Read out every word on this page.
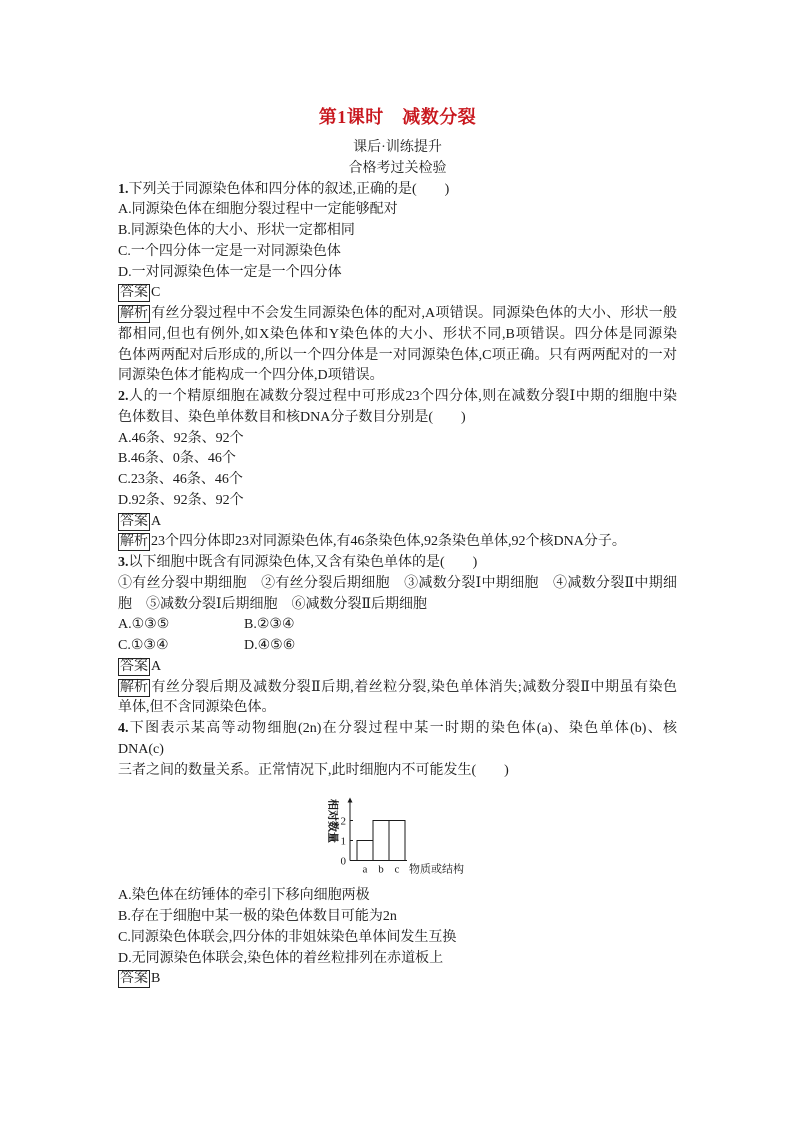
第1课时　减数分裂
课后·训练提升
合格考过关检验
1.下列关于同源染色体和四分体的叙述,正确的是(　　)
A.同源染色体在细胞分裂过程中一定能够配对
B.同源染色体的大小、形状一定都相同
C.一个四分体一定是一对同源染色体
D.一对同源染色体一定是一个四分体
答案 C
解析 有丝分裂过程中不会发生同源染色体的配对,A项错误。同源染色体的大小、形状一般
都相同,但也有例外,如X染色体和Y染色体的大小、形状不同,B项错误。四分体是同源染
色体两两配对后形成的,所以一个四分体是一对同源染色体,C项正确。只有两两配对的一对
同源染色体才能构成一个四分体,D项错误。
2.人的一个精原细胞在减数分裂过程中可形成23个四分体,则在减数分裂Ⅰ中期的细胞中染
色体数目、染色单体数目和核DNA分子数目分别是(　　)
A.46条、92条、92个
B.46条、0条、46个
C.23条、46条、46个
D.92条、92条、92个
答案 A
解析 23个四分体即23对同源染色体,有46条染色体,92条染色单体,92个核DNA分子。
3.以下细胞中既含有同源染色体,又含有染色单体的是(　　)
①有丝分裂中期细胞　②有丝分裂后期细胞　③减数分裂Ⅰ中期细胞　④减数分裂Ⅱ中期细
胞　⑤减数分裂Ⅰ后期细胞　⑥减数分裂Ⅱ后期细胞
A.①③⑤	B.②③④
C.①③④	D.④⑤⑥
答案 A
解析 有丝分裂后期及减数分裂Ⅱ后期,着丝粒分裂,染色单体消失;减数分裂Ⅱ中期虽有染色
单体,但不含同源染色体。
4.下图表示某高等动物细胞(2n)在分裂过程中某一时期的染色体(a)、染色单体(b)、核DNA(c)
三者之间的数量关系。正常情况下,此时细胞内不可能发生(　　)
a b c
0
1
2
相对数量
物质或结构
A.染色体在纺锤体的牵引下移向细胞两极
B.存在于细胞中某一极的染色体数目可能为2n
C.同源染色体联会,四分体的非姐妹染色单体间发生互换
D.无同源染色体联会,染色体的着丝粒排列在赤道板上
答案 B
